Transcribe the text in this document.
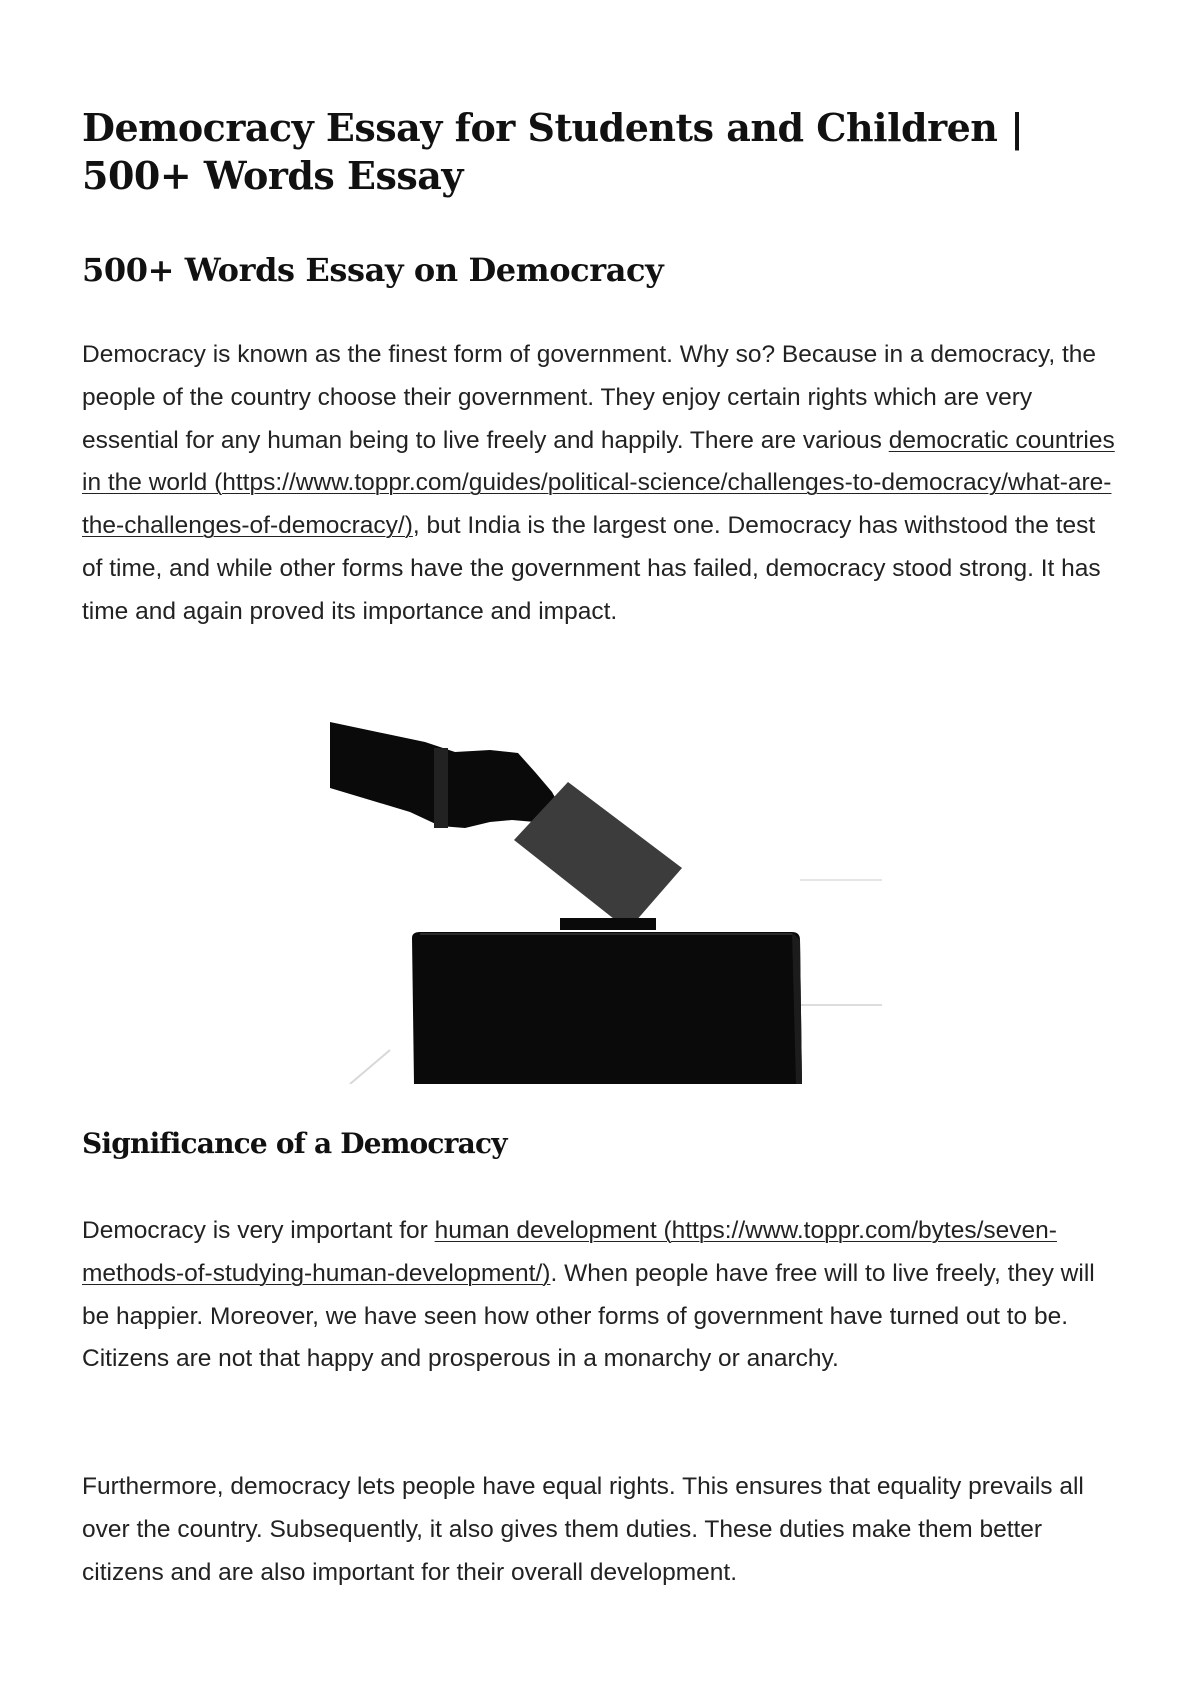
Democracy Essay for Students and Children | 500+ Words Essay
500+ Words Essay on Democracy

Democracy is known as the finest form of government. Why so? Because in a democracy, the people of the country choose their government. They enjoy certain rights which are very essential for any human being to live freely and happily. There are various democratic countries in the world (https://www.toppr.com/guides/political-science/challenges-to-democracy/what-are-the-challenges-of-democracy/), but India is the largest one. Democracy has withstood the test of time, and while other forms have the government has failed, democracy stood strong. It has time and again proved its importance and impact.

Significance of a Democracy

Democracy is very important for human development (https://www.toppr.com/bytes/seven-methods-of-studying-human-development/). When people have free will to live freely, they will be happier. Moreover, we have seen how other forms of government have turned out to be. Citizens are not that happy and prosperous in a monarchy or anarchy.

Furthermore, democracy lets people have equal rights. This ensures that equality prevails all over the country. Subsequently, it also gives them duties. These duties make them better citizens and are also important for their overall development.
